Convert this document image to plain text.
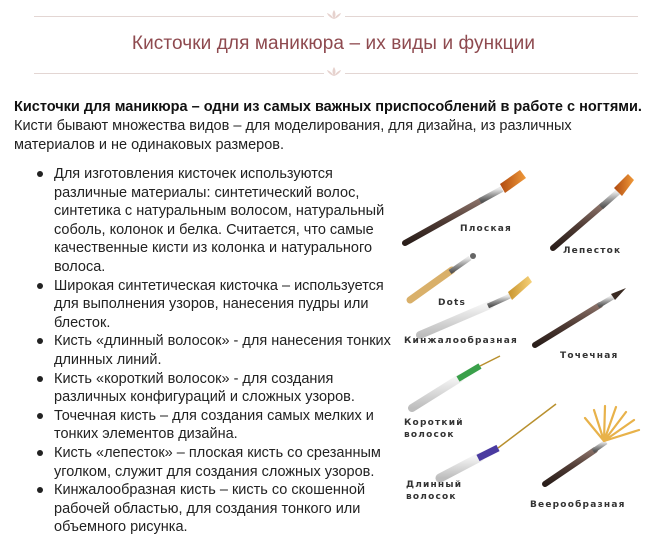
Кисточки для маникюра – их виды и функции
Кисточки для маникюра – одни из самых важных приспособлений в работе с ногтями. Кисти бывают множества видов – для моделирования, для дизайна, из различных материалов и не одинаковых размеров.
Для изготовления кисточек используются различные материалы: синтетический волос, синтетика с натуральным волосом, натуральный соболь, колонок и белка. Считается, что самые качественные кисти из колонка и натурального волоса.
Широкая синтетическая кисточка – используется для выполнения узоров, нанесения пудры или блесток.
Кисть «длинный волосок» - для нанесения тонких длинных линий.
Кисть «короткий волосок» - для создания различных конфигураций и сложных узоров.
Точечная кисть – для создания самых мелких и тонких элементов дизайна.
Кисть «лепесток» – плоская кисть со срезанным уголком, служит для создания сложных узоров.
Кинжалообразная кисть – кисть со скошенной рабочей областью, для создания тонкого или объемного рисунка.
Плоская
Лепесток
Dots
Кинжалообразная
Точечная
Короткий
волосок
Длинный
волосок
Веерообразная
